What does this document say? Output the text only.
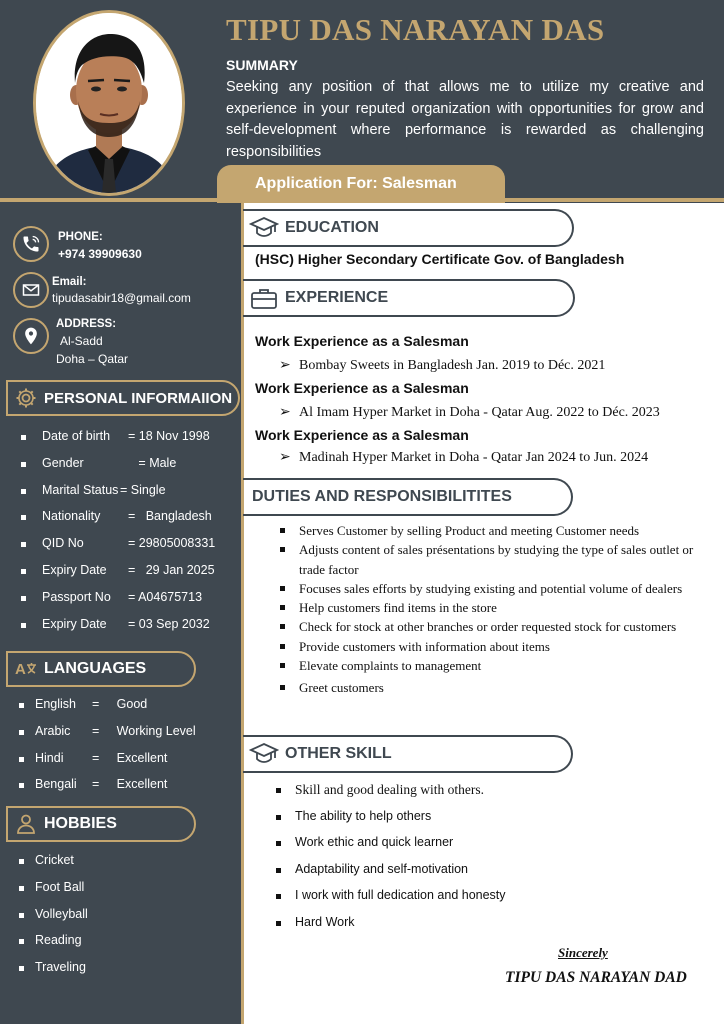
TIPU DAS NARAYAN DAS
SUMMARY
Seeking any position of that allows me to utilize my creative and experience in your reputed organization with opportunities for grow and self-development where performance is rewarded as challenging responsibilities
Application For: Salesman
PHONE:
+974 39909630
Email:
tipudasabir18@gmail.com
ADDRESS:
Al-Sadd
Doha – Qatar
PERSONAL INFORMAIION
Date of birth = 18 Nov 1998
Gender	= Male
Marital Status = Single
Nationality =   Bangladesh
QID No	= 29805008331
Expiry Date =   29 Jan 2025
Passport No = A04675713
Expiry Date = 03 Sep 2032
A LANGUAGES
English =     Good
Arabic =     Working Level
Hindi =     Excellent
Bengali =     Excellent
HOBBIES
Cricket
Foot Ball
Volleyball
Reading
Traveling
EDUCATION
(HSC) Higher Secondary Certificate Gov. of Bangladesh
EXPERIENCE
Work Experience as a Salesman
➢ Bombay Sweets in Bangladesh Jan. 2019 to Déc. 2021
Work Experience as a Salesman
➢ Al Imam Hyper Market in Doha - Qatar Aug. 2022 to Déc. 2023
Work Experience as a Salesman
➢ Madinah Hyper Market in Doha - Qatar Jan 2024 to Jun. 2024
DUTIES AND RESPONSIBILITITES
Serves Customer by selling Product and meeting Customer needs
Adjusts content of sales présentations by studying the type of sales outlet or trade factor
Focuses sales efforts by studying existing and potential volume of dealers
Help customers find items in the store
Check for stock at other branches or order requested stock for customers
Provide customers with information about items
Elevate complaints to management
Greet customers
OTHER SKILL
Skill and good dealing with others.
The ability to help others
Work ethic and quick learner
Adaptability and self-motivation
I work with full dedication and honesty
Hard Work
Sincerely
TIPU DAS NARAYAN DAD
